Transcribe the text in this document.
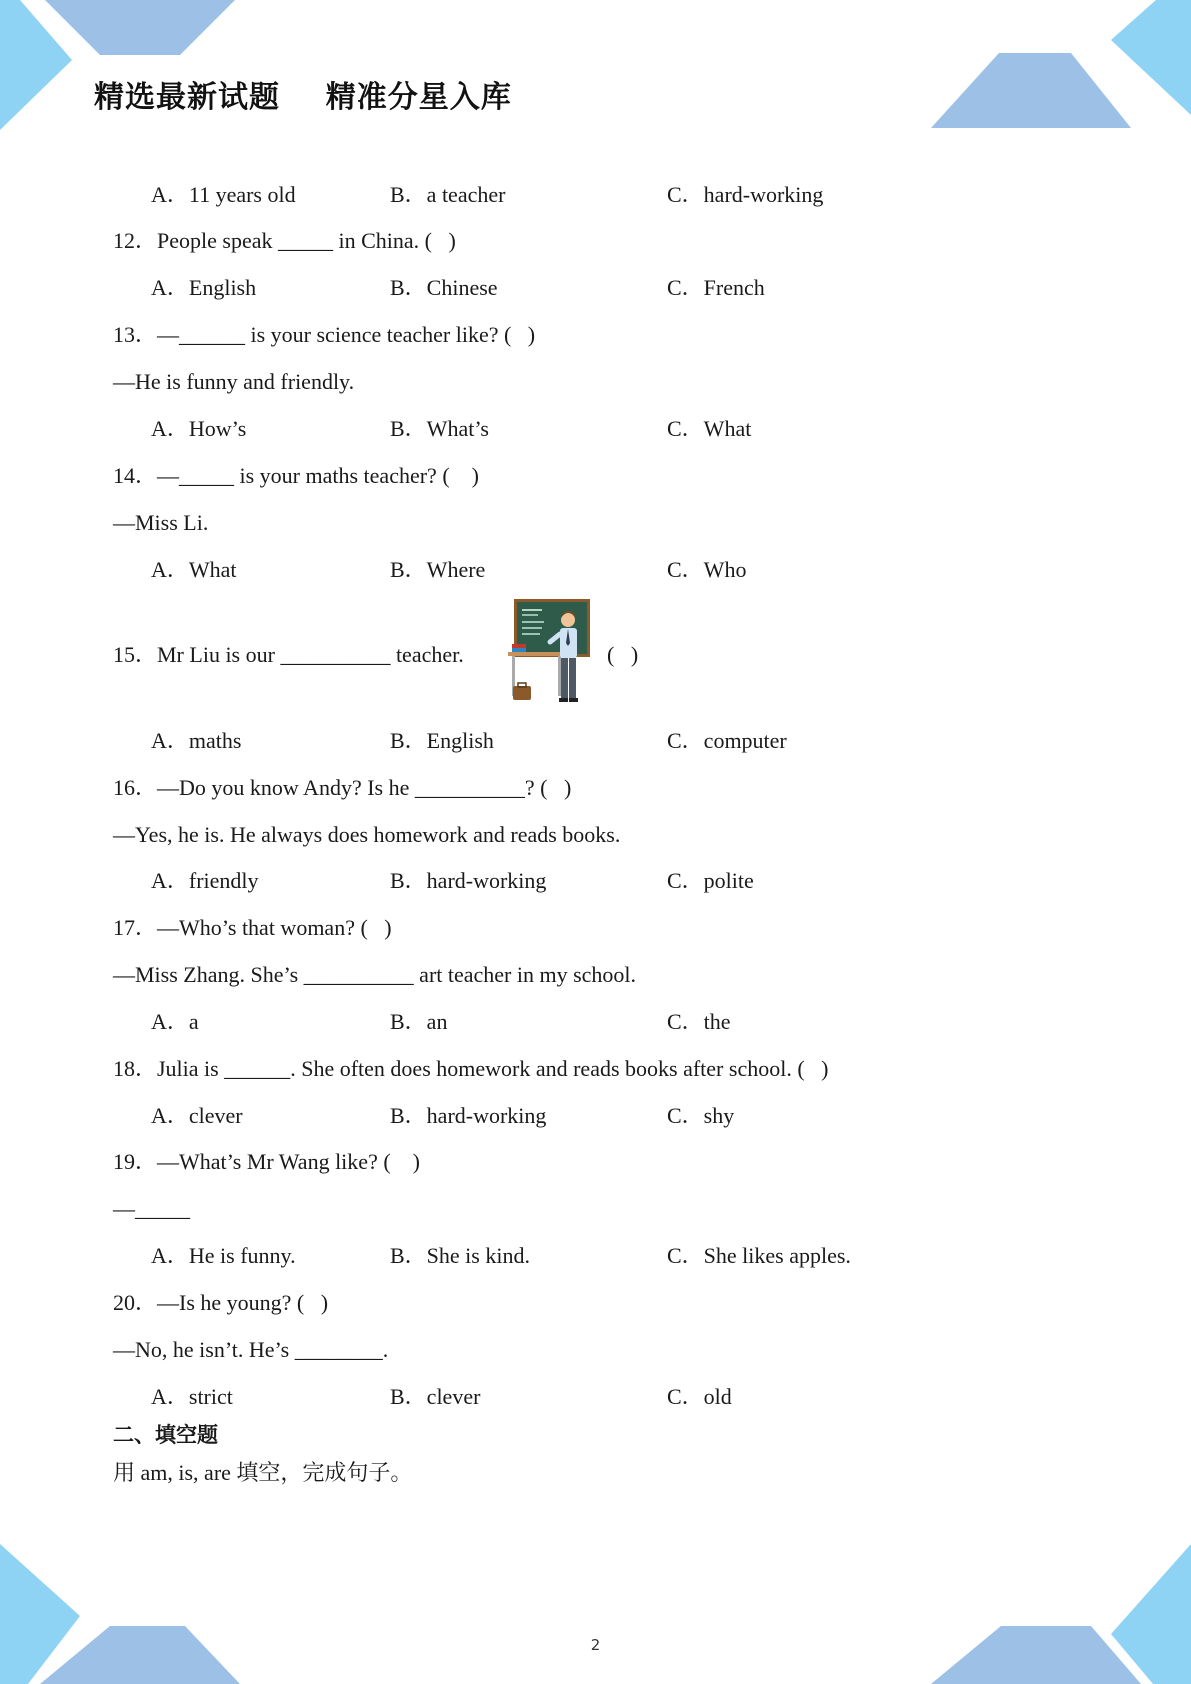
精选最新试题    精准分星入库
A．11 years old	B．a teacher	C．hard-working
12．People speak _____ in China. (   )
A．English	B．Chinese	C．French
13．—______ is your science teacher like? (   )
—He is funny and friendly.
A．How’s	B．What’s	C．What
14．—_____ is your maths teacher? (    )
—Miss Li.
A．What	B．Where	C．Who
15．Mr Liu is our __________ teacher.	(   )
A．maths	B．English	C．computer
16．—Do you know Andy? Is he __________? (   )
—Yes, he is. He always does homework and reads books.
A．friendly	B．hard-working	C．polite
17．—Who’s that woman? (   )
—Miss Zhang. She’s __________ art teacher in my school.
A．a	B．an	C．the
18．Julia is ______. She often does homework and reads books after school. (   )
A．clever	B．hard-working	C．shy
19．—What’s Mr Wang like? (    )
—_____
A．He is funny.	B．She is kind.	C．She likes apples.
20．—Is he young? (   )
—No, he isn’t. He’s ________.
A．strict	B．clever	C．old
二、填空题
用 am, is, are 填空，完成句子。
2
